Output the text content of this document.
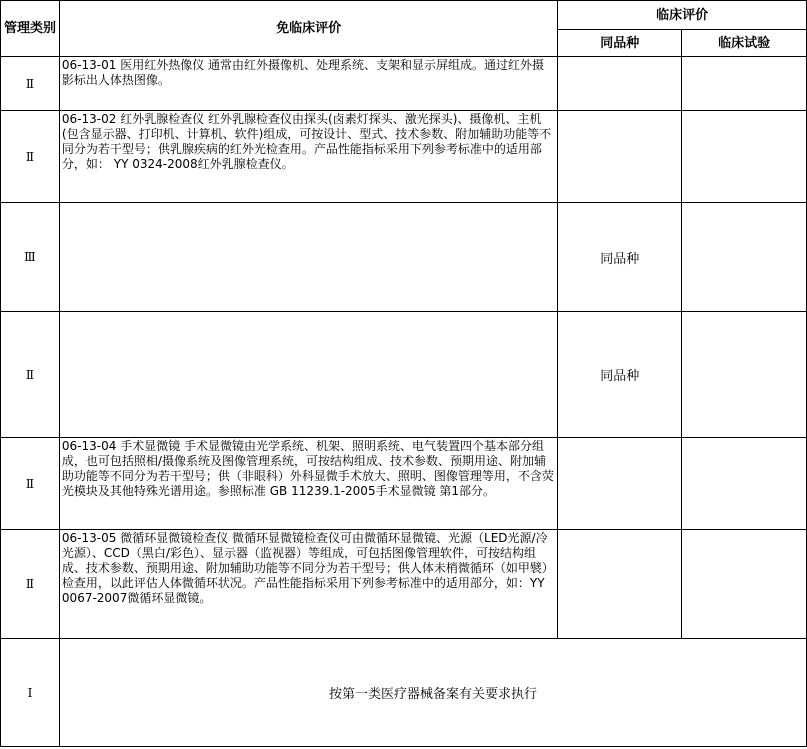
管理类别	免临床评价	临床评价	
		同品种	临床试验
Ⅱ	06-13-01 医用红外热像仪 通常由红外摄像机、处理系统、支架和显示屏组成。通过红外摄影标出人体热图像。		

Ⅱ	06-13-02 红外乳腺检查仪 红外乳腺检查仪由探头(卤素灯探头、激光探头)、摄像机、主机(包含显示器、打印机、计算机、软件)组成，可按设计、型式、技术参数、附加辅助功能等不同分为若干型号；供乳腺疾病的红外光检查用。产品性能指标采用下列参考标准中的适用部分，如： YY 0324-2008红外乳腺检查仪。		

Ⅲ		同品种	
Ⅱ		同品种	
Ⅱ	06-13-04 手术显微镜 手术显微镜由光学系统、机架、照明系统、电气装置四个基本部分组成，也可包括照相/摄像系统及图像管理系统，可按结构组成、技术参数、预期用途、附加辅助功能等不同分为若干型号；供（非眼科）外科显微手术放大、照明、图像管理等用，不含荧光模块及其他特殊光谱用途。参照标准 GB 11239.1-2005手术显微镜 第1部分。		

Ⅱ	06-13-05 微循环显微镜检查仪 微循环显微镜检查仪可由微循环显微镜、光源（LED光源/冷光源）、CCD（黑白/彩色）、显示器（监视器）等组成，可包括图像管理软件，可按结构组成、技术参数、预期用途、附加辅助功能等不同分为若干型号；供人体未梢微循环（如甲襞）检查用，以此评估人体微循环状况。产品性能指标采用下列参考标准中的适用部分，如：YY 0067-2007微循环显微镜。		

Ⅰ	按第一类医疗器械备案有关要求执行		
